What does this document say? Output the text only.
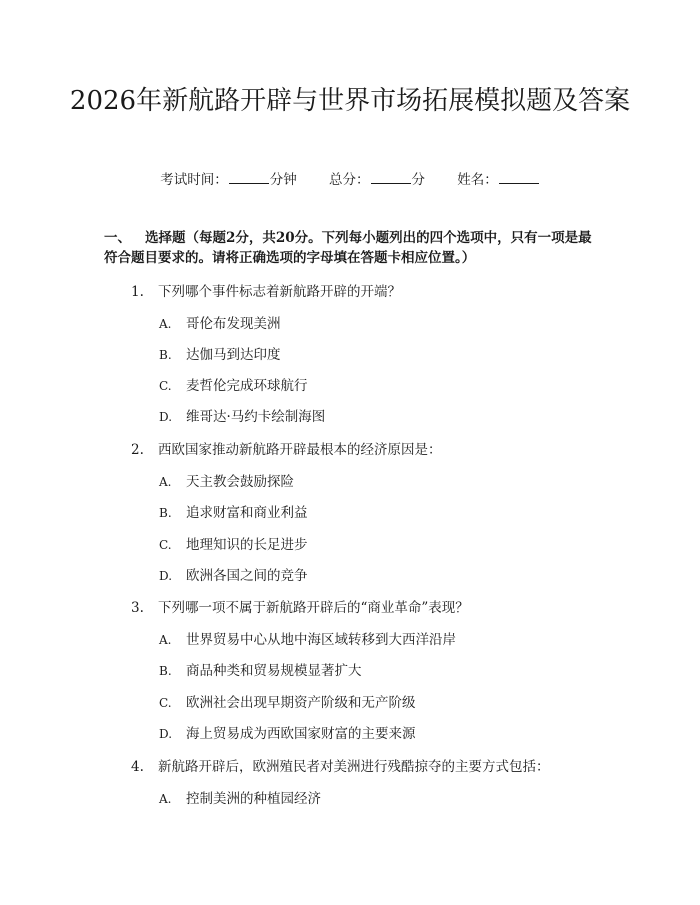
2026年新航路开辟与世界市场拓展模拟题及答案
考试时间：	分钟 总分：	分 姓名：
一、 选择题（每题2分，共20分。下列每小题列出的四个选项中，只有一项是最符合题目要求的。请将正确选项的字母填在答题卡相应位置。）
1. 下列哪个事件标志着新航路开辟的开端？
A. 哥伦布发现美洲
B. 达伽马到达印度
C. 麦哲伦完成环球航行
D. 维哥达·马约卡绘制海图
2. 西欧国家推动新航路开辟最根本的经济原因是：
A. 天主教会鼓励探险
B. 追求财富和商业利益
C. 地理知识的长足进步
D. 欧洲各国之间的竞争
3. 下列哪一项不属于新航路开辟后的“商业革命”表现？
A. 世界贸易中心从地中海区域转移到大西洋沿岸
B. 商品种类和贸易规模显著扩大
C. 欧洲社会出现早期资产阶级和无产阶级
D. 海上贸易成为西欧国家财富的主要来源
4. 新航路开辟后，欧洲殖民者对美洲进行残酷掠夺的主要方式包括：
A. 控制美洲的种植园经济
